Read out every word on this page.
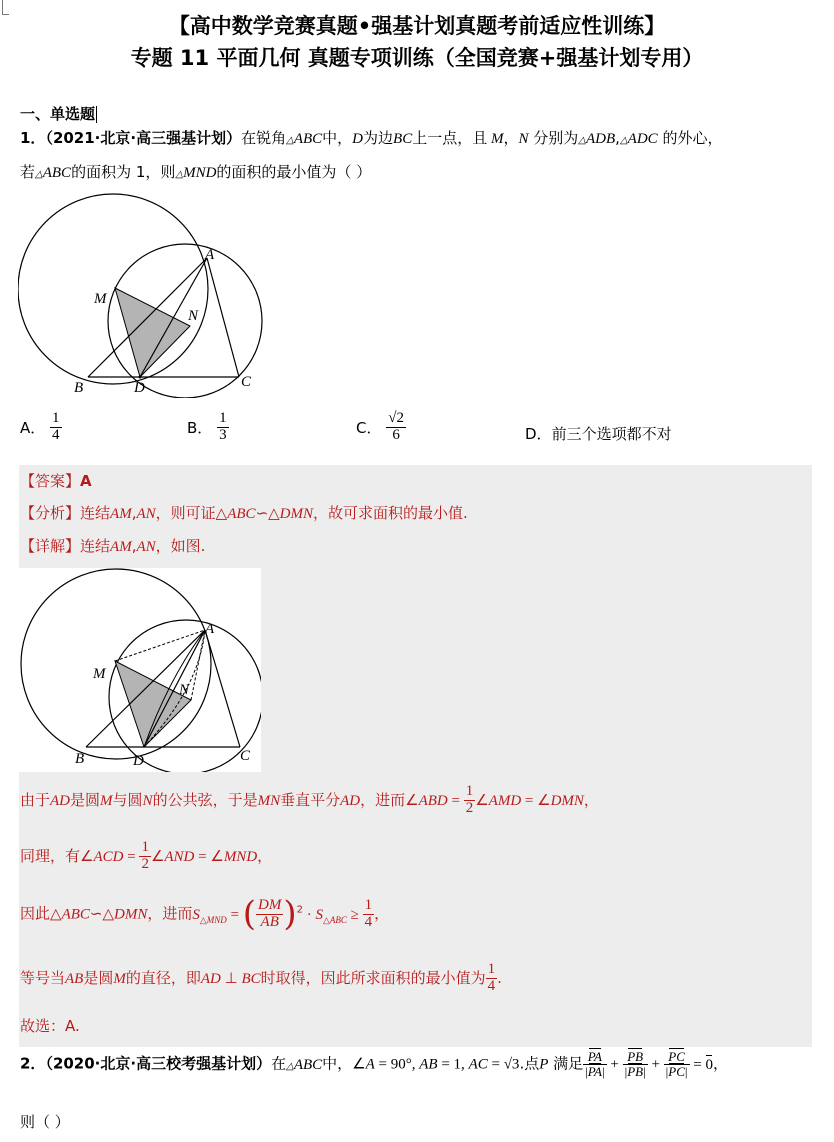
【高中数学竞赛真题•强基计划真题考前适应性训练】
专题 11 平面几何 真题专项训练（全国竞赛+强基计划专用）
一、单选题
1．（2021·北京·高三强基计划）在锐角△ABC中，D为边BC上一点，且 M，N 分别为△ADB,△ADC 的外心，
若△ABC的面积为 1，则△MND的面积的最小值为（ ）
A
B	C
D
M
N
A． $\frac{1}{4}$	B． $\frac{1}{3}$	C． $\frac{√2}{6}$	D．前三个选项都不对
【答案】A
【分析】连结AM,AN，则可证△ABC∽△DMN，故可求面积的最小值.
【详解】连结AM,AN，如图.
A
B	C
D
M
N
由于AD是圆M与圆N的公共弦，于是MN垂直平分AD，进而∠ABD = $\frac{1}{2}$ ∠AMD = ∠DMN，
同理，有∠ACD = $\frac{1}{2}$ ∠AND = ∠MND，
因此△ABC∽△DMN，进而$S_{\triangle MND}$ = ( $\frac{DM}{AB} )^2 \cdot S_{\triangle ABC} \ge \frac{1}{4}$ ，
等号当AB是圆M的直径，即AD ⊥ BC时取得，因此所求面积的最小值为 $\frac{1}{4}$ .
故选：A.
2．（2020·北京·高三校考强基计划）在△ABC中，∠A = 90°, AB = 1, AC = √3.点P 满足 $\frac{PA}{|PA|} + \frac{PB}{|PB|} + \frac{PC}{|PC|} = 0$，
则（ ）
